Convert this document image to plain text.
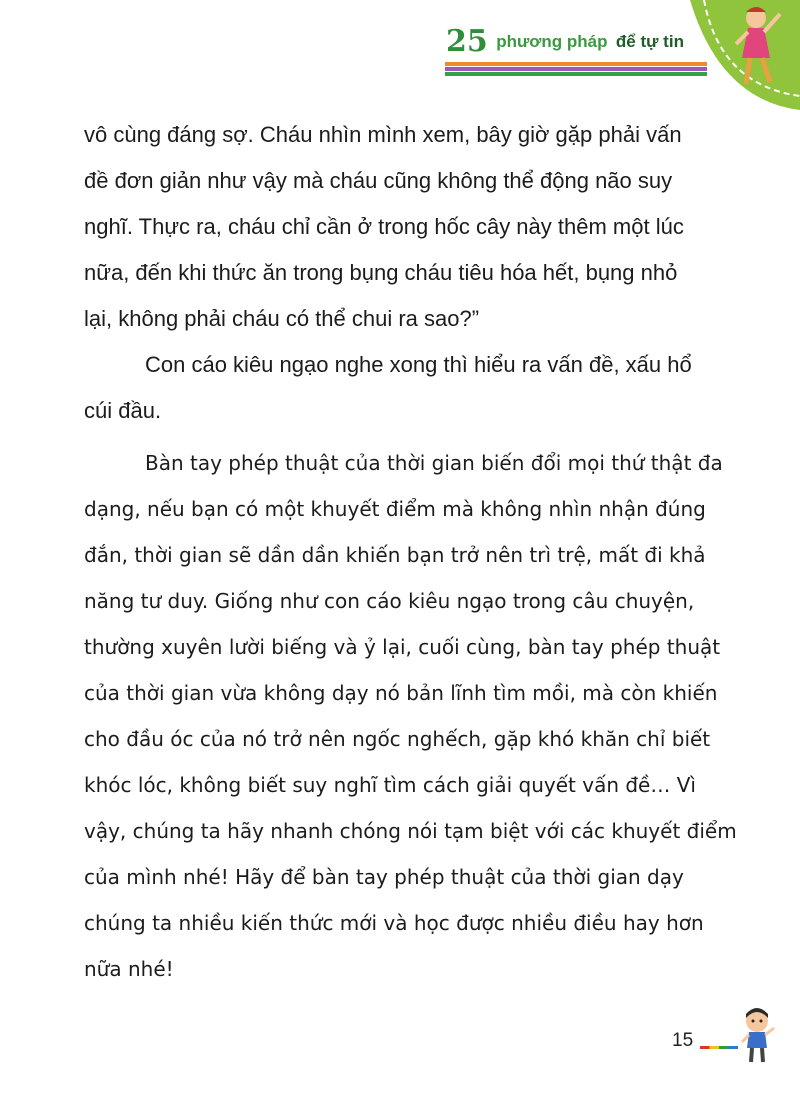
25 phương pháp để tự tin
vô cùng đáng sợ. Cháu nhìn mình xem, bây giờ gặp phải vấn
đề đơn giản như vậy mà cháu cũng không thể động não suy
nghĩ. Thực ra, cháu chỉ cần ở trong hốc cây này thêm một lúc
nữa, đến khi thức ăn trong bụng cháu tiêu hóa hết, bụng nhỏ
lại, không phải cháu có thể chui ra sao?”
Con cáo kiêu ngạo nghe xong thì hiểu ra vấn đề, xấu hổ
cúi đầu.
Bàn tay phép thuật của thời gian biến đổi mọi thứ thật đa
dạng, nếu bạn có một khuyết điểm mà không nhìn nhận đúng
đắn, thời gian sẽ dần dần khiến bạn trở nên trì trệ, mất đi khả
năng tư duy. Giống như con cáo kiêu ngạo trong câu chuyện,
thường xuyên lười biếng và ỷ lại, cuối cùng, bàn tay phép thuật
của thời gian vừa không dạy nó bản lĩnh tìm mồi, mà còn khiến
cho đầu óc của nó trở nên ngốc nghếch, gặp khó khăn chỉ biết
khóc lóc, không biết suy nghĩ tìm cách giải quyết vấn đề… Vì
vậy, chúng ta hãy nhanh chóng nói tạm biệt với các khuyết điểm
của mình nhé! Hãy để bàn tay phép thuật của thời gian dạy
chúng ta nhiều kiến thức mới và học được nhiều điều hay hơn
nữa nhé!
15
